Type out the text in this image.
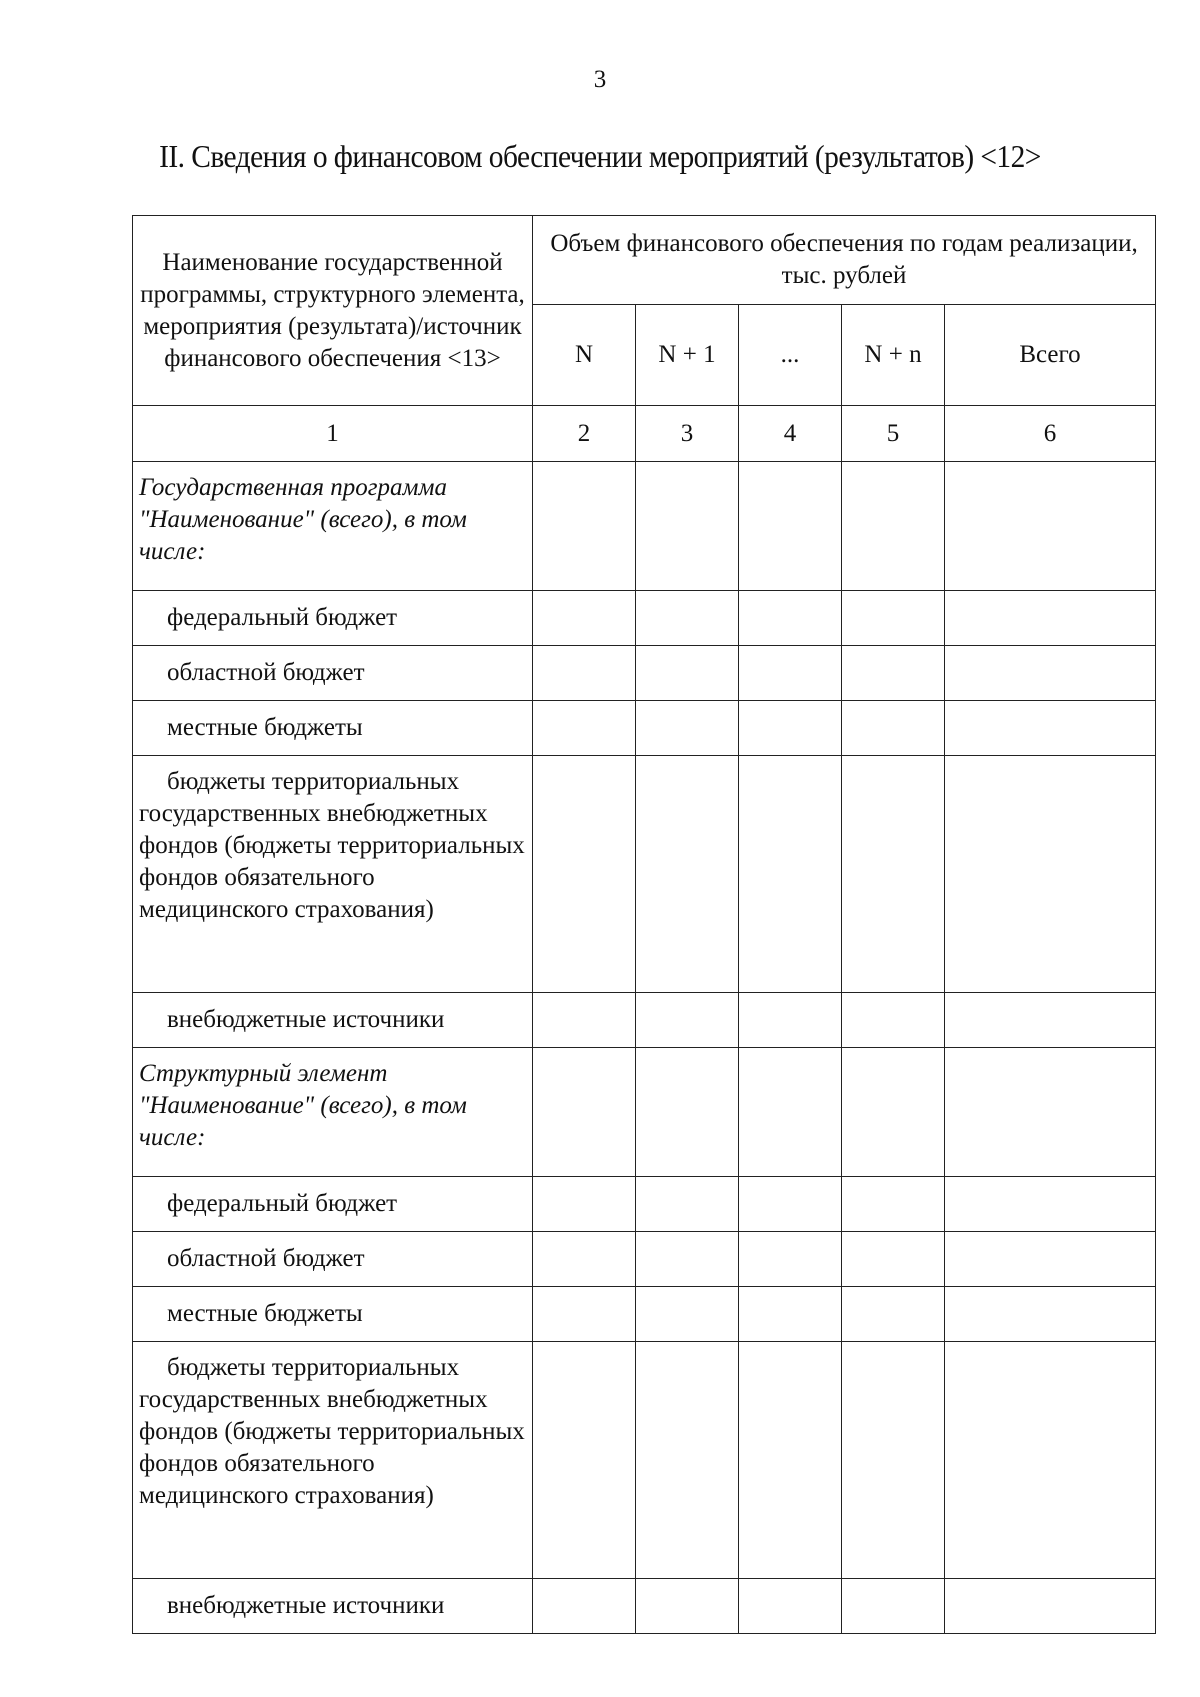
3
II. Сведения о финансовом обеспечении мероприятий (результатов) <12>
Наименование государственной программы, структурного элемента, мероприятия (результата)/источник финансового обеспечения <13>	Объем финансового обеспечения по годам реализации, тыс. рублей				
	N	N + 1	...	N + n	Всего
1	2	3	4	5	6
Государственная программа "Наименование" (всего), в том числе:					
федеральный бюджет					
областной бюджет					
местные бюджеты					
бюджеты территориальных государственных внебюджетных фондов (бюджеты территориальных фондов обязательного медицинского страхования)					
внебюджетные источники					
Структурный элемент "Наименование" (всего), в том числе:					
федеральный бюджет					
областной бюджет					
местные бюджеты					
бюджеты территориальных государственных внебюджетных фондов (бюджеты территориальных фондов обязательного медицинского страхования)					
внебюджетные источники					
